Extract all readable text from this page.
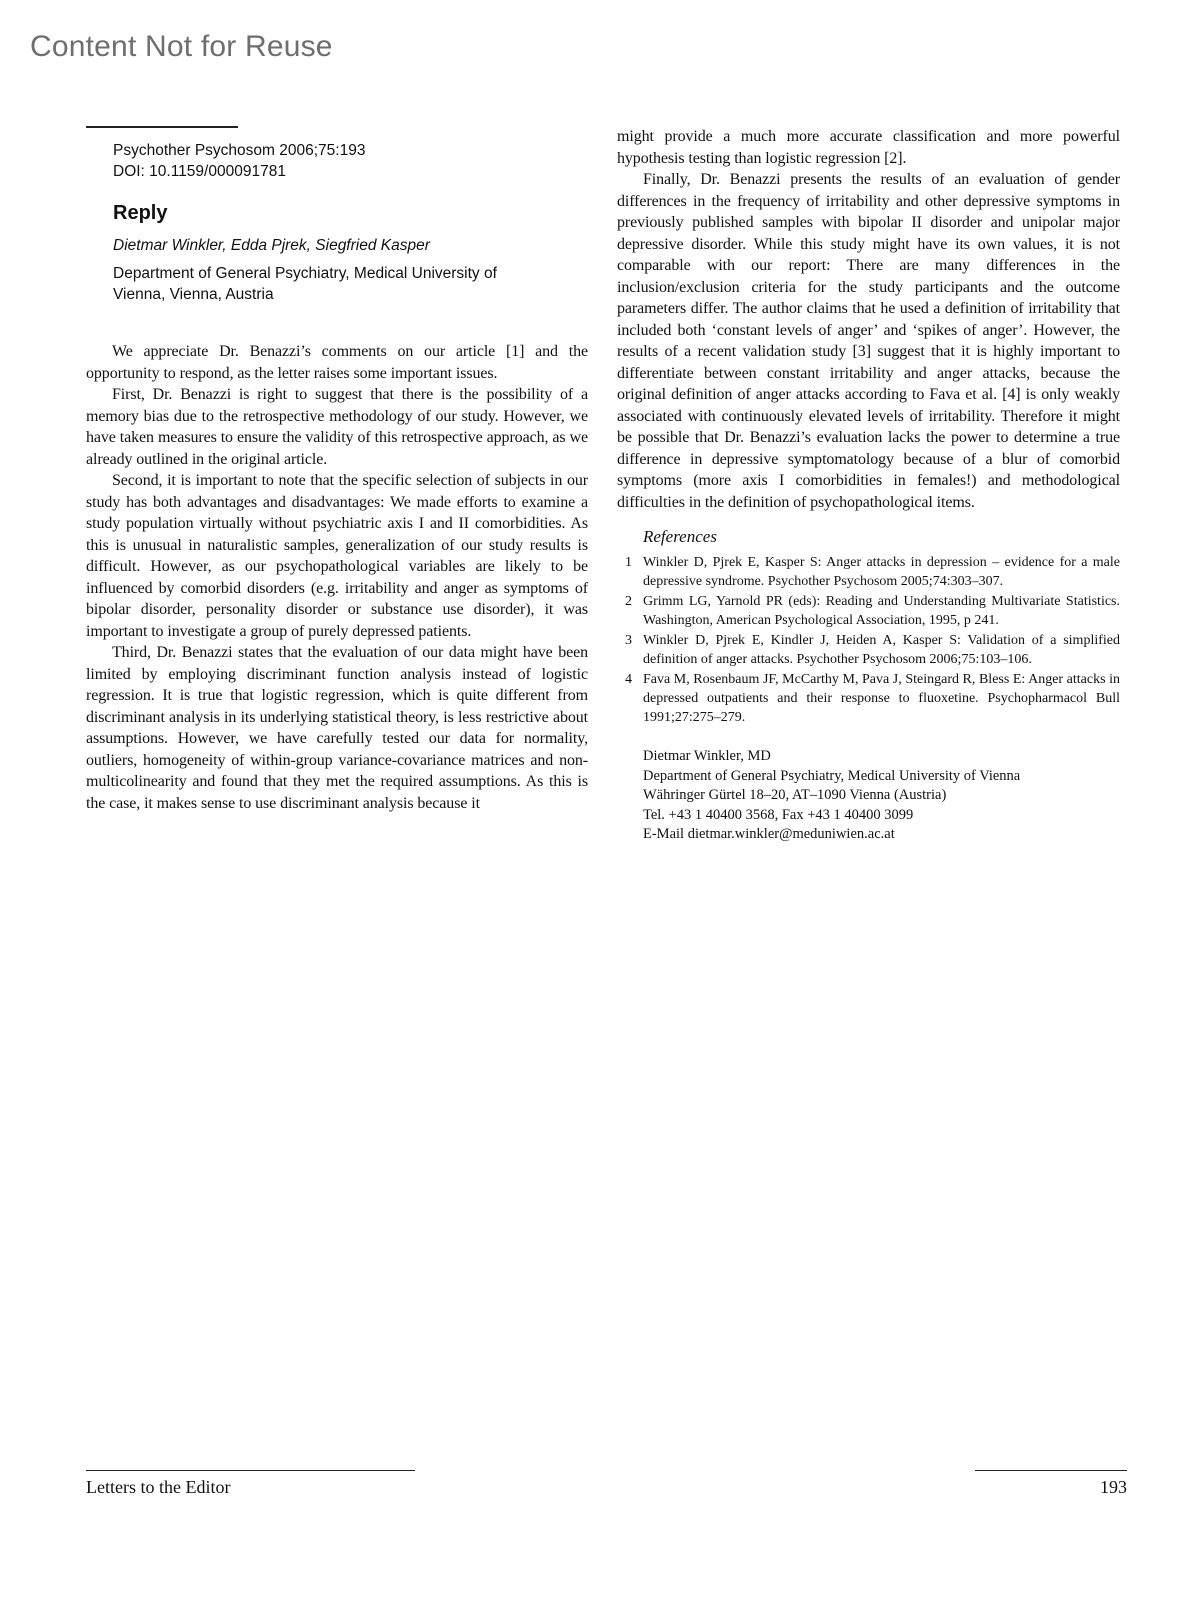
Content Not for Reuse

Psychother Psychosom 2006;75:193

DOI: 10.1159/000091781

Reply
Dietmar Winkler, Edda Pjrek, Siegfried Kasper

Department of General Psychiatry, Medical University of

Vienna, Vienna, Austria

We appreciate Dr. Benazzi’s comments on our article [1] and the opportunity to respond, as the letter raises some important issues.

First, Dr. Benazzi is right to suggest that there is the possibility of a memory bias due to the retrospective methodology of our study. However, we have taken measures to ensure the validity of this retrospective approach, as we already outlined in the original article.

Second, it is important to note that the specific selection of subjects in our study has both advantages and disadvantages: We made efforts to examine a study population virtually without psychiatric axis I and II comorbidities. As this is unusual in naturalistic samples, generalization of our study results is difficult. However, as our psychopathological variables are likely to be influenced by comorbid disorders (e.g. irritability and anger as symptoms of bipolar disorder, personality disorder or substance use disorder), it was important to investigate a group of purely depressed patients.

Third, Dr. Benazzi states that the evaluation of our data might have been limited by employing discriminant function analysis instead of logistic regression. It is true that logistic regression, which is quite different from discriminant analysis in its underlying statistical theory, is less restrictive about assumptions. However, we have carefully tested our data for normality, outliers, homogeneity of within-group variance-covariance matrices and non-multicolinearity and found that they met the required assumptions. As this is the case, it makes sense to use discriminant analysis because it

might provide a much more accurate classification and more powerful hypothesis testing than logistic regression [2].

Finally, Dr. Benazzi presents the results of an evaluation of gender differences in the frequency of irritability and other depressive symptoms in previously published samples with bipolar II disorder and unipolar major depressive disorder. While this study might have its own values, it is not comparable with our report: There are many differences in the inclusion/exclusion criteria for the study participants and the outcome parameters differ. The author claims that he used a definition of irritability that included both ‘constant levels of anger’ and ‘spikes of anger’. However, the results of a recent validation study [3] suggest that it is highly important to differentiate between constant irritability and anger attacks, because the original definition of anger attacks according to Fava et al. [4] is only weakly associated with continuously elevated levels of irritability. Therefore it might be possible that Dr. Benazzi’s evaluation lacks the power to determine a true difference in depressive symptomatology because of a blur of comorbid symptoms (more axis I comorbidities in females!) and methodological difficulties in the definition of psychopathological items.

References
1 Winkler D, Pjrek E, Kasper S: Anger attacks in depression – evidence for a male depressive syndrome. Psychother Psychosom 2005;74:303–307.
2 Grimm LG, Yarnold PR (eds): Reading and Understanding Multivariate Statistics. Washington, American Psychological Association, 1995, p 241.
3 Winkler D, Pjrek E, Kindler J, Heiden A, Kasper S: Validation of a simplified definition of anger attacks. Psychother Psychosom 2006;75:103–106.
4 Fava M, Rosenbaum JF, McCarthy M, Pava J, Steingard R, Bless E: Anger attacks in depressed outpatients and their response to fluoxetine. Psychopharmacol Bull 1991;27:275–279.
Dietmar Winkler, MD
Department of General Psychiatry, Medical University of Vienna
Währinger Gürtel 18–20, AT–1090 Vienna (Austria)
Tel. +43 1 40400 3568, Fax +43 1 40400 3099
E-Mail dietmar.winkler@meduniwien.ac.at
Letters to the Editor	193
